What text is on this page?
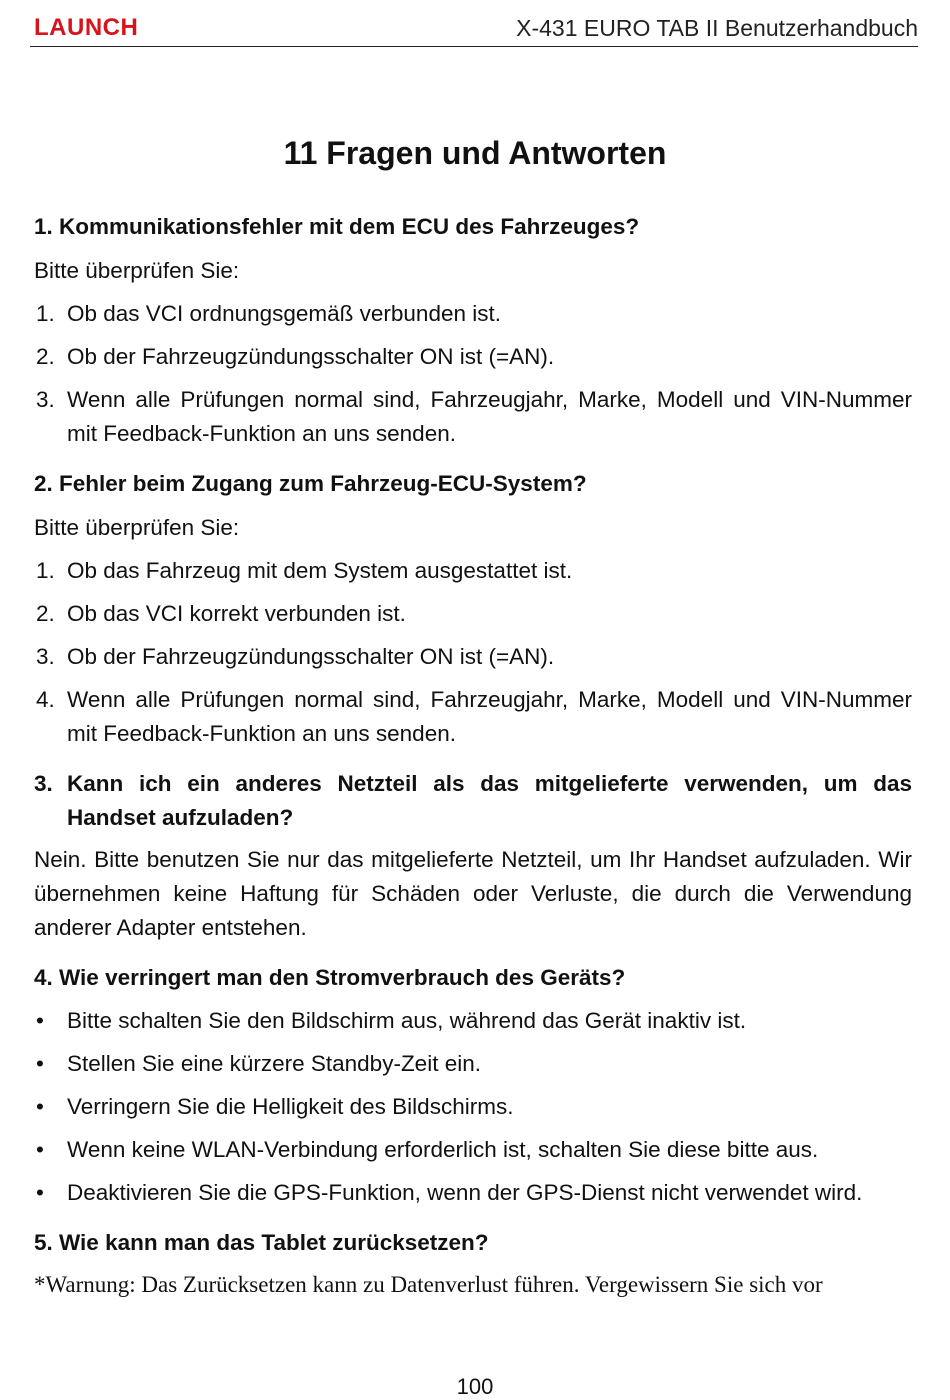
LAUNCH	X-431 EURO TAB II Benutzerhandbuch
11 Fragen und Antworten

1. Kommunikationsfehler mit dem ECU des Fahrzeuges?

Bitte überprüfen Sie:

1. Ob das VCI ordnungsgemäß verbunden ist.
2. Ob der Fahrzeugzündungsschalter ON ist (=AN).
3. Wenn alle Prüfungen normal sind, Fahrzeugjahr, Marke, Modell und VIN-Nummer mit Feedback-Funktion an uns senden.

2. Fehler beim Zugang zum Fahrzeug-ECU-System?

Bitte überprüfen Sie:

1. Ob das Fahrzeug mit dem System ausgestattet ist.
2. Ob das VCI korrekt verbunden ist.
3. Ob der Fahrzeugzündungsschalter ON ist (=AN).
4. Wenn alle Prüfungen normal sind, Fahrzeugjahr, Marke, Modell und VIN-Nummer mit Feedback-Funktion an uns senden.
3. Kann ich ein anderes Netzteil als das mitgelieferte verwenden, um das Handset aufzuladen?

Nein. Bitte benutzen Sie nur das mitgelieferte Netzteil, um Ihr Handset aufzuladen. Wir übernehmen keine Haftung für Schäden oder Verluste, die durch die Verwendung anderer Adapter entstehen.

4. Wie verringert man den Stromverbrauch des Geräts?

•	Bitte schalten Sie den Bildschirm aus, während das Gerät inaktiv ist.
•	Stellen Sie eine kürzere Standby-Zeit ein.
•	Verringern Sie die Helligkeit des Bildschirms.
•	Wenn keine WLAN-Verbindung erforderlich ist, schalten Sie diese bitte aus.
•	Deaktivieren Sie die GPS-Funktion, wenn der GPS-Dienst nicht verwendet wird.

5. Wie kann man das Tablet zurücksetzen?

*Warnung: Das Zurücksetzen kann zu Datenverlust führen. Vergewissern Sie sich vor

100
